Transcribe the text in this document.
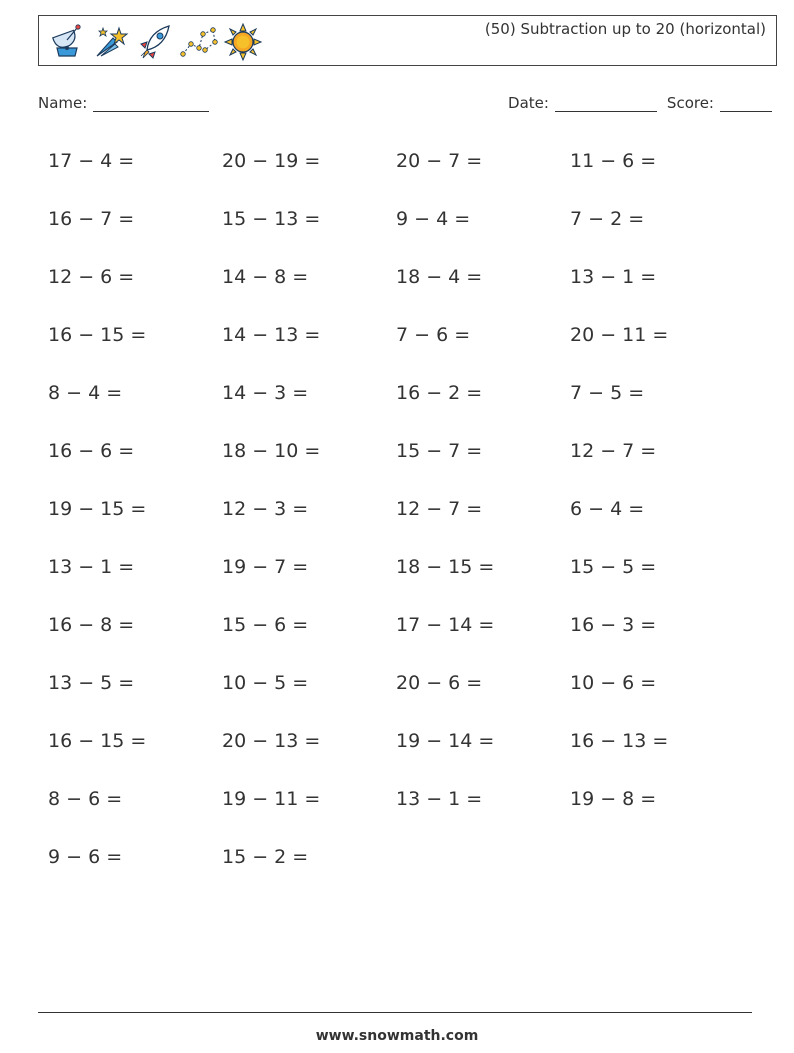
(50) Subtraction up to 20 (horizontal)
Name:	Date:	Score:
17 − 4 =	20 − 19 =	20 − 7 =	11 − 6 =
16 − 7 =	15 − 13 =	9 − 4 =	7 − 2 =
12 − 6 =	14 − 8 =	18 − 4 =	13 − 1 =
16 − 15 =	14 − 13 =	7 − 6 =	20 − 11 =
8 − 4 =	14 − 3 =	16 − 2 =	7 − 5 =
16 − 6 =	18 − 10 =	15 − 7 =	12 − 7 =
19 − 15 =	12 − 3 =	12 − 7 =	6 − 4 =
13 − 1 =	19 − 7 =	18 − 15 =	15 − 5 =
16 − 8 =	15 − 6 =	17 − 14 =	16 − 3 =
13 − 5 =	10 − 5 =	20 − 6 =	10 − 6 =
16 − 15 =	20 − 13 =	19 − 14 =	16 − 13 =
8 − 6 =	19 − 11 =	13 − 1 =	19 − 8 =
9 − 6 =	15 − 2 =
www.snowmath.com
